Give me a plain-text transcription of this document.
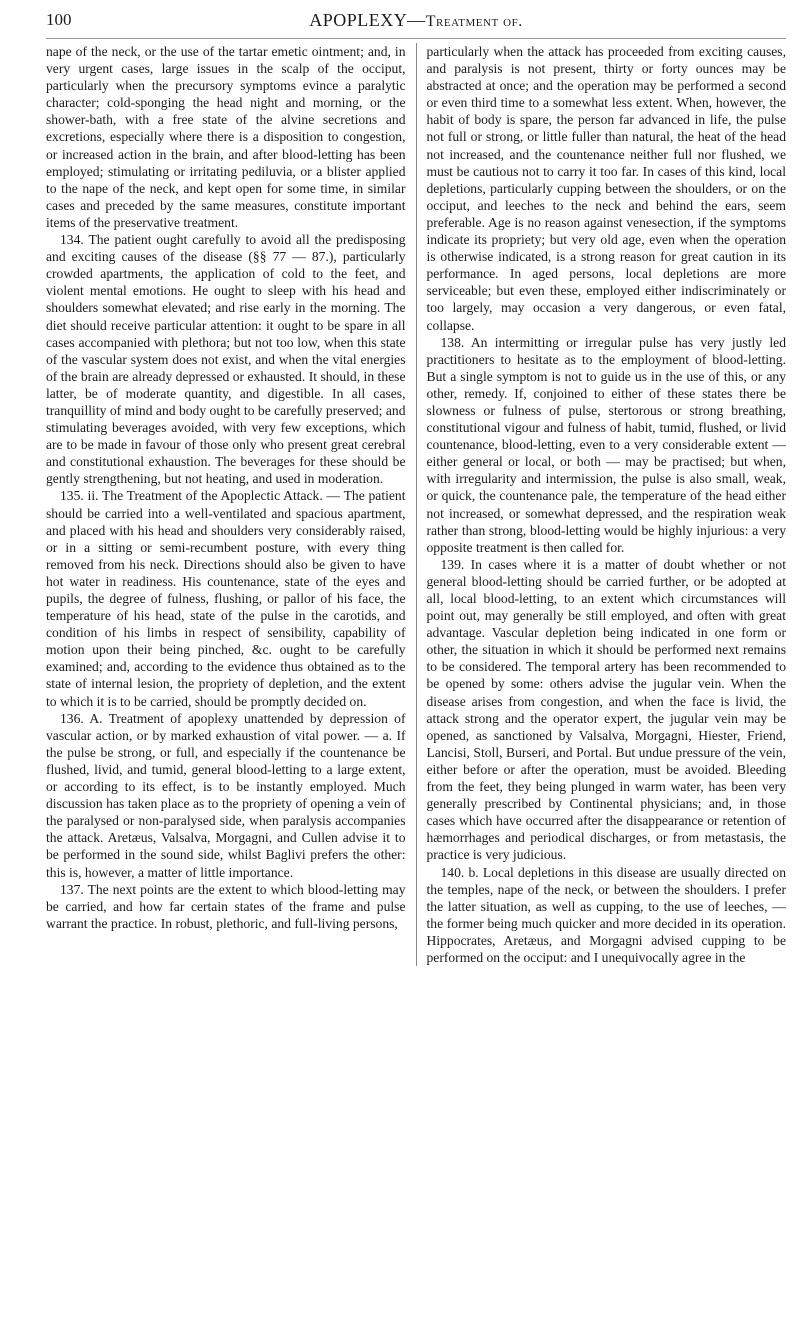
100	APOPLEXY—Treatment of.

nape of the neck, or the use of the tartar emetic ointment; and, in very urgent cases, large issues in the scalp of the occiput, particularly when the precursory symptoms evince a paralytic character; cold-sponging the head night and morning, or the shower-bath, with a free state of the alvine secretions and excretions, especially where there is a disposition to congestion, or increased action in the brain, and after blood-letting has been employed; stimulating or irritating pediluvia, or a blister applied to the nape of the neck, and kept open for some time, in similar cases and preceded by the same measures, constitute important items of the preservative treatment.

134. The patient ought carefully to avoid all the predisposing and exciting causes of the disease (§§ 77 — 87.), particularly crowded apartments, the application of cold to the feet, and violent mental emotions. He ought to sleep with his head and shoulders somewhat elevated; and rise early in the morning. The diet should receive particular attention: it ought to be spare in all cases accompanied with plethora; but not too low, when this state of the vascular system does not exist, and when the vital energies of the brain are already depressed or exhausted. It should, in these latter, be of moderate quantity, and digestible. In all cases, tranquillity of mind and body ought to be carefully preserved; and stimulating beverages avoided, with very few exceptions, which are to be made in favour of those only who present great cerebral and constitutional exhaustion. The beverages for these should be gently strengthening, but not heating, and used in moderation.

135. ii. The Treatment of the Apoplectic Attack. — The patient should be carried into a well-ventilated and spacious apartment, and placed with his head and shoulders very considerably raised, or in a sitting or semi-recumbent posture, with every thing removed from his neck. Directions should also be given to have hot water in readiness. His countenance, state of the eyes and pupils, the degree of fulness, flushing, or pallor of his face, the temperature of his head, state of the pulse in the carotids, and condition of his limbs in respect of sensibility, capability of motion upon their being pinched, &c. ought to be carefully examined; and, according to the evidence thus obtained as to the state of internal lesion, the propriety of depletion, and the extent to which it is to be carried, should be promptly decided on.

136. A. Treatment of apoplexy unattended by depression of vascular action, or by marked exhaustion of vital power. — a. If the pulse be strong, or full, and especially if the countenance be flushed, livid, and tumid, general blood-letting to a large extent, or according to its effect, is to be instantly employed. Much discussion has taken place as to the propriety of opening a vein of the paralysed or non-paralysed side, when paralysis accompanies the attack. Aretæus, Valsalva, Morgagni, and Cullen advise it to be performed in the sound side, whilst Baglivi prefers the other: this is, however, a matter of little importance.

137. The next points are the extent to which blood-letting may be carried, and how far certain states of the frame and pulse warrant the practice. In robust, plethoric, and full-living persons,

particularly when the attack has proceeded from exciting causes, and paralysis is not present, thirty or forty ounces may be abstracted at once; and the operation may be performed a second or even third time to a somewhat less extent. When, however, the habit of body is spare, the person far advanced in life, the pulse not full or strong, or little fuller than natural, the heat of the head not increased, and the countenance neither full nor flushed, we must be cautious not to carry it too far. In cases of this kind, local depletions, particularly cupping between the shoulders, or on the occiput, and leeches to the neck and behind the ears, seem preferable. Age is no reason against venesection, if the symptoms indicate its propriety; but very old age, even when the operation is otherwise indicated, is a strong reason for great caution in its performance. In aged persons, local depletions are more serviceable; but even these, employed either indiscriminately or too largely, may occasion a very dangerous, or even fatal, collapse.

138. An intermitting or irregular pulse has very justly led practitioners to hesitate as to the employment of blood-letting. But a single symptom is not to guide us in the use of this, or any other, remedy. If, conjoined to either of these states there be slowness or fulness of pulse, stertorous or strong breathing, constitutional vigour and fulness of habit, tumid, flushed, or livid countenance, blood-letting, even to a very considerable extent — either general or local, or both — may be practised; but when, with irregularity and intermission, the pulse is also small, weak, or quick, the countenance pale, the temperature of the head either not increased, or somewhat depressed, and the respiration weak rather than strong, blood-letting would be highly injurious: a very opposite treatment is then called for.

139. In cases where it is a matter of doubt whether or not general blood-letting should be carried further, or be adopted at all, local blood-letting, to an extent which circumstances will point out, may generally be still employed, and often with great advantage. Vascular depletion being indicated in one form or other, the situation in which it should be performed next remains to be considered. The temporal artery has been recommended to be opened by some: others advise the jugular vein. When the disease arises from congestion, and when the face is livid, the attack strong and the operator expert, the jugular vein may be opened, as sanctioned by Valsalva, Morgagni, Hiester, Friend, Lancisi, Stoll, Burseri, and Portal. But undue pressure of the vein, either before or after the operation, must be avoided. Bleeding from the feet, they being plunged in warm water, has been very generally prescribed by Continental physicians; and, in those cases which have occurred after the disappearance or retention of hæmorrhages and periodical discharges, or from metastasis, the practice is very judicious.

140. b. Local depletions in this disease are usually directed on the temples, nape of the neck, or between the shoulders. I prefer the latter situation, as well as cupping, to the use of leeches, — the former being much quicker and more decided in its operation. Hippocrates, Aretæus, and Morgagni advised cupping to be performed on the occiput: and I unequivocally agree in the
